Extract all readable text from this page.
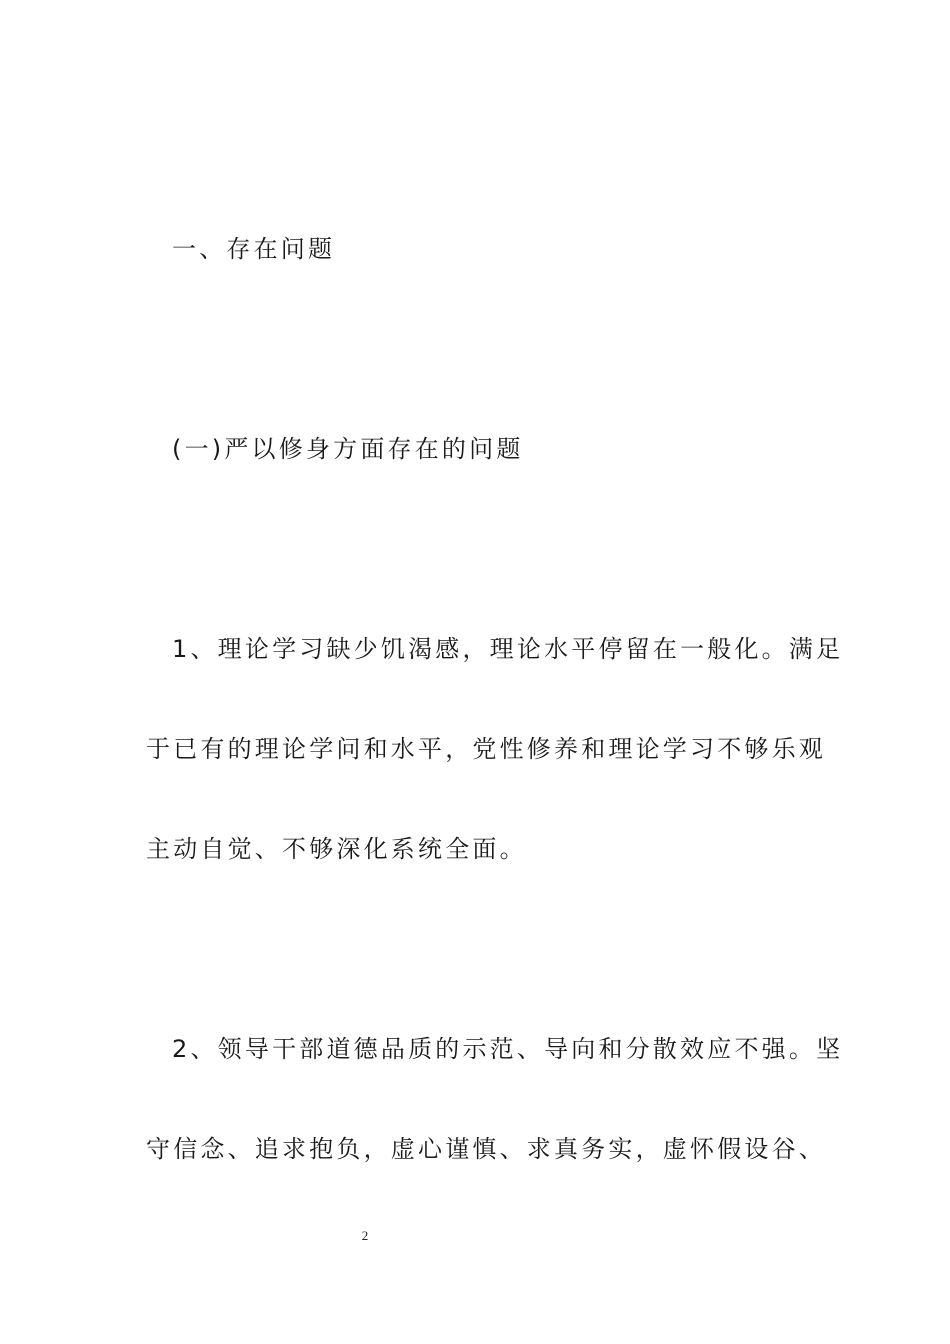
一、存在问题
(一)严以修身方面存在的问题
1、理论学习缺少饥渴感，理论水平停留在一般化。满足
于已有的理论学问和水平，党性修养和理论学习不够乐观
主动自觉、不够深化系统全面。
2、领导干部道德品质的示范、导向和分散效应不强。坚
守信念、追求抱负，虚心谨慎、求真务实，虚怀假设谷、
2
